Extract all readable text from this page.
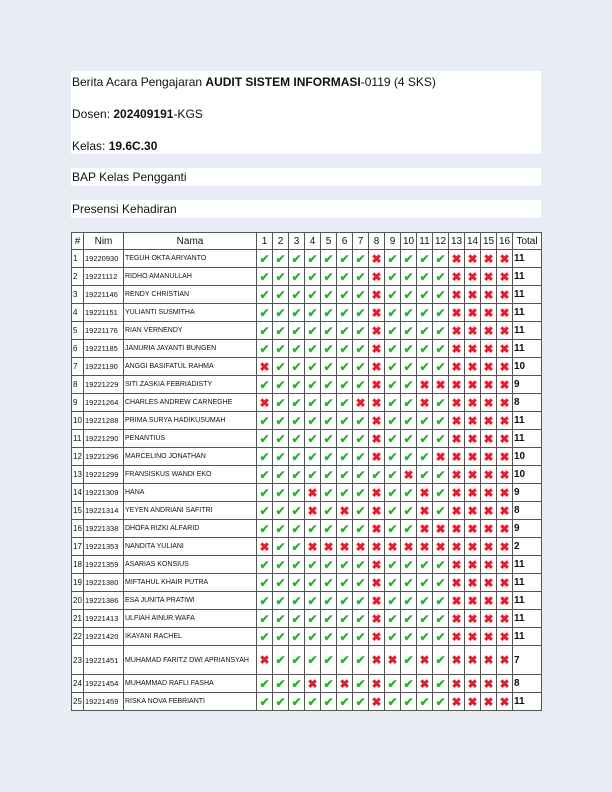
Berita Acara Pengajaran AUDIT SISTEM INFORMASI-0119 (4 SKS)
Dosen: 202409191-KGS
Kelas: 19.6C.30
BAP Kelas Pengganti
Presensi Kehadiran
#	Nim	Nama	1	2	3	4	5	6	7	8	9	10	11	12	13	14	15	16	Total
1	19220930	TEGUH OKTA ARIYANTO	✔	✔	✔	✔	✔	✔	✔	✖	✔	✔	✔	✔	✖	✖	✖	✖	11
2	19221112	RIDHO AMANULLAH	✔	✔	✔	✔	✔	✔	✔	✖	✔	✔	✔	✔	✖	✖	✖	✖	11
3	19221146	RENDY CHRISTIAN	✔	✔	✔	✔	✔	✔	✔	✖	✔	✔	✔	✔	✖	✖	✖	✖	11
4	19221151	YULIANTI SUSMITHA	✔	✔	✔	✔	✔	✔	✔	✖	✔	✔	✔	✔	✖	✖	✖	✖	11
5	19221176	RIAN VERNENDY	✔	✔	✔	✔	✔	✔	✔	✖	✔	✔	✔	✔	✖	✖	✖	✖	11
6	19221185	JANURIA JAYANTI BUNGEN	✔	✔	✔	✔	✔	✔	✔	✖	✔	✔	✔	✔	✖	✖	✖	✖	11
7	19221190	ANGGI BASIFATUL RAHMA	✖	✔	✔	✔	✔	✔	✔	✖	✔	✔	✔	✔	✖	✖	✖	✖	10
8	19221229	SITI ZASKIA FEBRIADISTY	✔	✔	✔	✔	✔	✔	✔	✖	✔	✔	✖	✖	✖	✖	✖	✖	9
9	19221264	CHARLES ANDREW CARNEGHE	✖	✔	✔	✔	✔	✔	✖	✖	✔	✔	✖	✔	✖	✖	✖	✖	8
10	19221288	PRIMA SURYA HADIKUSUMAH	✔	✔	✔	✔	✔	✔	✔	✖	✔	✔	✔	✔	✖	✖	✖	✖	11
11	19221290	PENANTIUS	✔	✔	✔	✔	✔	✔	✔	✖	✔	✔	✔	✔	✖	✖	✖	✖	11
12	19221296	MARCELINO JONATHAN	✔	✔	✔	✔	✔	✔	✔	✖	✔	✔	✔	✖	✖	✖	✖	✖	10
13	19221299	FRANSISKUS WANDI EKO	✔	✔	✔	✔	✔	✔	✔	✔	✔	✖	✔	✔	✖	✖	✖	✖	10
14	19221309	HANA	✔	✔	✔	✖	✔	✔	✔	✖	✔	✔	✖	✔	✖	✖	✖	✖	9
15	19221314	YEYEN ANDRIANI SAFITRI	✔	✔	✔	✖	✔	✖	✔	✖	✔	✔	✖	✔	✖	✖	✖	✖	8
16	19221338	DHOFA RIZKI ALFARID	✔	✔	✔	✔	✔	✔	✔	✖	✔	✔	✖	✖	✖	✖	✖	✖	9
17	19221353	NANDITA YULIANI	✖	✔	✔	✖	✖	✖	✖	✖	✖	✖	✖	✖	✖	✖	✖	✖	2
18	19221359	ASARIAS KONSIUS	✔	✔	✔	✔	✔	✔	✔	✖	✔	✔	✔	✔	✖	✖	✖	✖	11
19	19221380	MIFTAHUL KHAIR PUTRA	✔	✔	✔	✔	✔	✔	✔	✖	✔	✔	✔	✔	✖	✖	✖	✖	11
20	19221386	ESA JUNITA PRATIWI	✔	✔	✔	✔	✔	✔	✔	✖	✔	✔	✔	✔	✖	✖	✖	✖	11
21	19221413	ULFIAH AINUR WAFA	✔	✔	✔	✔	✔	✔	✔	✖	✔	✔	✔	✔	✖	✖	✖	✖	11
22	19221420	IKAYANI RACHEL	✔	✔	✔	✔	✔	✔	✔	✖	✔	✔	✔	✔	✖	✖	✖	✖	11
23	19221451	MUHAMAD FARITZ DWI APRIANSYAH	✖	✔	✔	✔	✔	✔	✔	✖	✖	✔	✖	✔	✖	✖	✖	✖	7
24	19221454	MUHAMMAD RAFLI FASHA	✔	✔	✔	✖	✔	✖	✔	✖	✔	✔	✖	✔	✖	✖	✖	✖	8
25	19221459	RISKA NOVA FEBRIANTI	✔	✔	✔	✔	✔	✔	✔	✖	✔	✔	✔	✔	✖	✖	✖	✖	11
